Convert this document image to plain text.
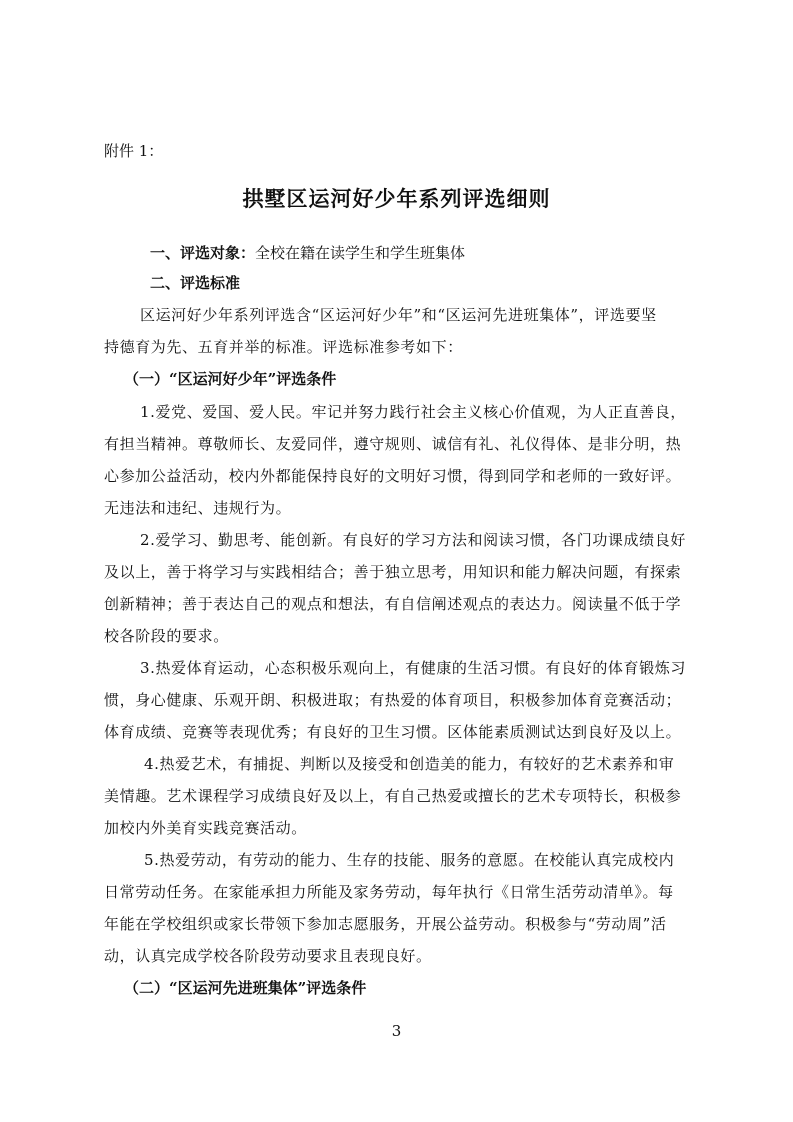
附件 1：
拱墅区运河好少年系列评选细则
一、评选对象：全校在籍在读学生和学生班集体
二、评选标准
区运河好少年系列评选含“区运河好少年”和“区运河先进班集体”，评选要坚
持德育为先、五育并举的标准。评选标准参考如下：
（一）“区运河好少年”评选条件
1.爱党、爱国、爱人民。牢记并努力践行社会主义核心价值观，为人正直善良，
有担当精神。尊敬师长、友爱同伴，遵守规则、诚信有礼、礼仪得体、是非分明，热
心参加公益活动，校内外都能保持良好的文明好习惯，得到同学和老师的一致好评。
无违法和违纪、违规行为。
2.爱学习、勤思考、能创新。有良好的学习方法和阅读习惯，各门功课成绩良好
及以上，善于将学习与实践相结合；善于独立思考，用知识和能力解决问题，有探索
创新精神；善于表达自己的观点和想法，有自信阐述观点的表达力。阅读量不低于学
校各阶段的要求。
3.热爱体育运动，心态积极乐观向上，有健康的生活习惯。有良好的体育锻炼习
惯，身心健康、乐观开朗、积极进取；有热爱的体育项目，积极参加体育竞赛活动；
体育成绩、竞赛等表现优秀；有良好的卫生习惯。区体能素质测试达到良好及以上。
4.热爱艺术，有捕捉、判断以及接受和创造美的能力，有较好的艺术素养和审
美情趣。艺术课程学习成绩良好及以上，有自己热爱或擅长的艺术专项特长，积极参
加校内外美育实践竞赛活动。
5.热爱劳动，有劳动的能力、生存的技能、服务的意愿。在校能认真完成校内
日常劳动任务。在家能承担力所能及家务劳动，每年执行《日常生活劳动清单》。每
年能在学校组织或家长带领下参加志愿服务，开展公益劳动。积极参与“劳动周”活
动，认真完成学校各阶段劳动要求且表现良好。
（二）“区运河先进班集体”评选条件
3
